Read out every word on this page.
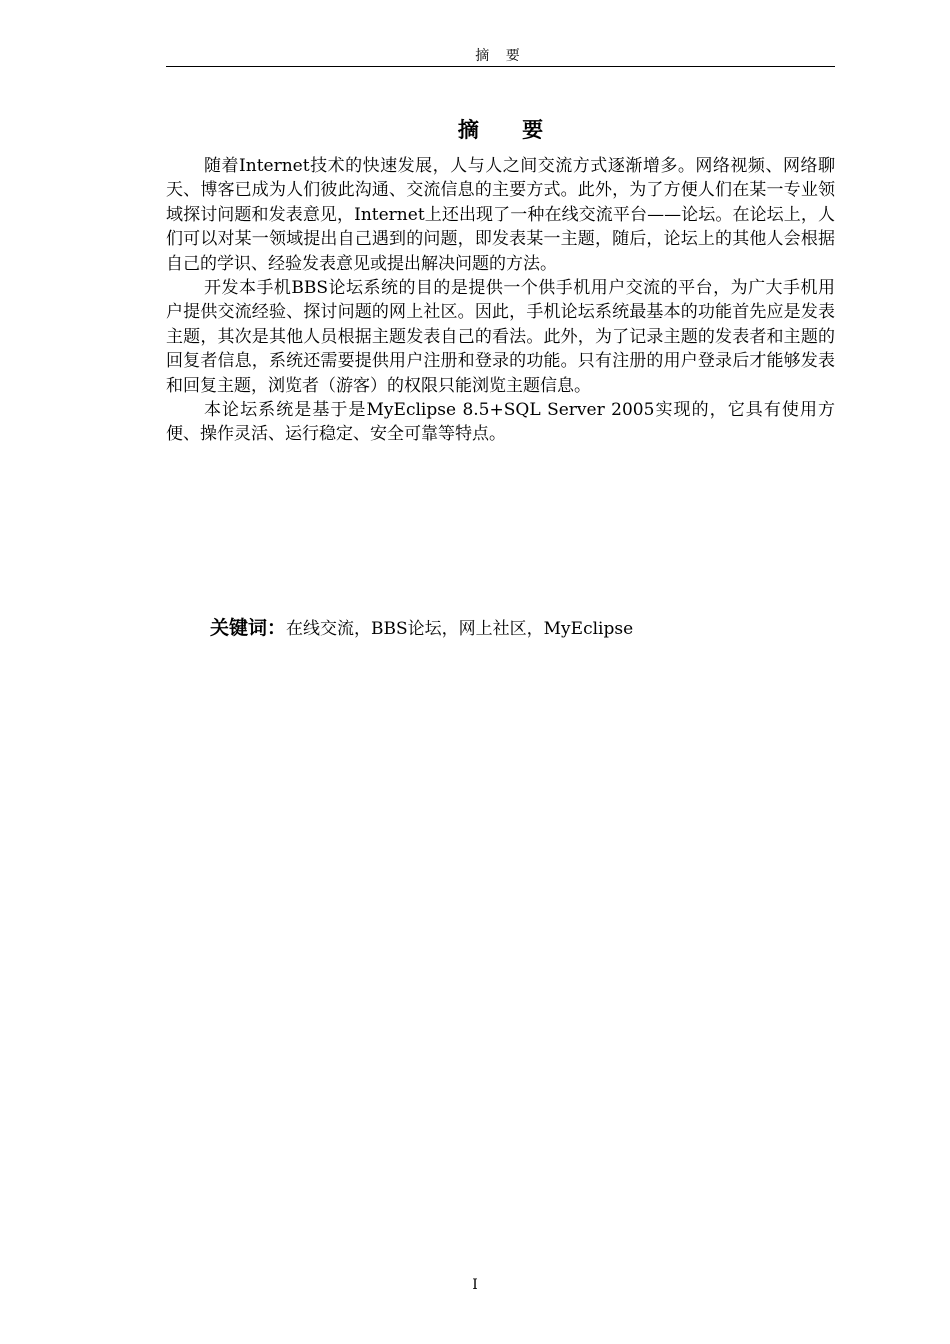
摘 要
摘 要

随着Internet技术的快速发展，人与人之间交流方式逐渐增多。网络视频、网络聊天、博客已成为人们彼此沟通、交流信息的主要方式。此外，为了方便人们在某一专业领域探讨问题和发表意见，Internet上还出现了一种在线交流平台——论坛。在论坛上，人们可以对某一领域提出自己遇到的问题，即发表某一主题，随后，论坛上的其他人会根据自己的学识、经验发表意见或提出解决问题的方法。

开发本手机BBS论坛系统的目的是提供一个供手机用户交流的平台，为广大手机用户提供交流经验、探讨问题的网上社区。因此，手机论坛系统最基本的功能首先应是发表主题，其次是其他人员根据主题发表自己的看法。此外，为了记录主题的发表者和主题的回复者信息，系统还需要提供用户注册和登录的功能。只有注册的用户登录后才能够发表和回复主题，浏览者（游客）的权限只能浏览主题信息。

本论坛系统是基于是MyEclipse 8.5+SQL Server 2005实现的，它具有使用方便、操作灵活、运行稳定、安全可靠等特点。

关键词：在线交流，BBS论坛，网上社区，MyEclipse
I
